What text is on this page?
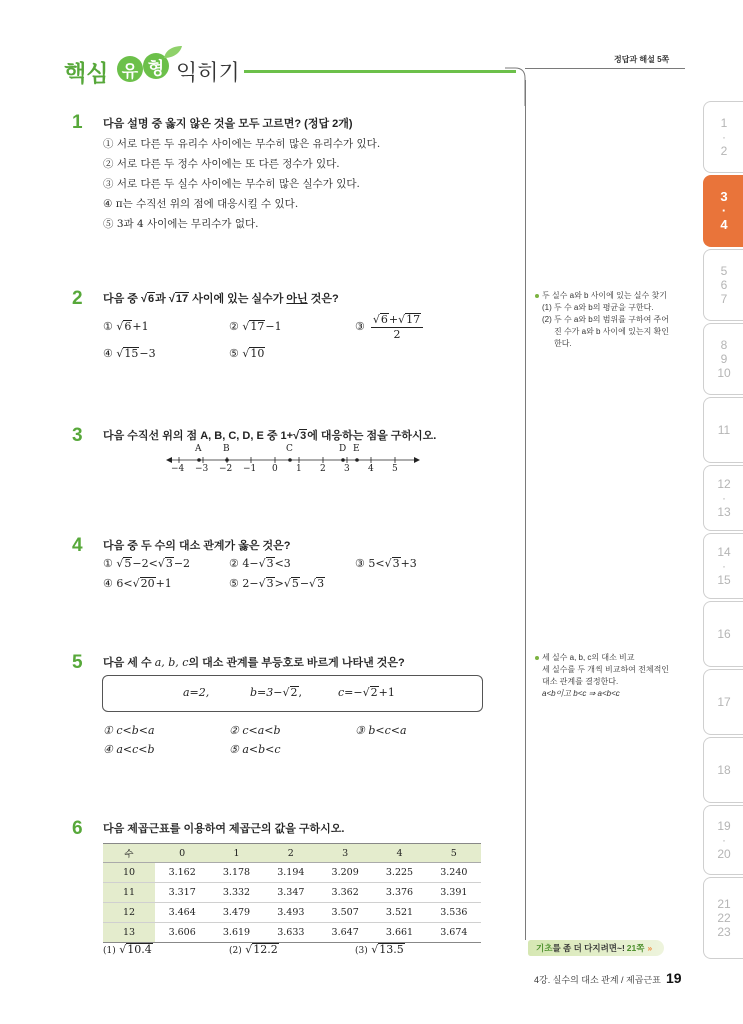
핵심 유 형 익히기
정답과 해설 5쪽
1 다음 설명 중 옳지 않은 것을 모두 고르면? (정답 2개)
① 서로 다른 두 유리수 사이에는 무수히 많은 유리수가 있다.
② 서로 다른 두 정수 사이에는 또 다른 정수가 있다.
③ 서로 다른 두 실수 사이에는 무수히 많은 실수가 있다.
④ π는 수직선 위의 점에 대응시킬 수 있다.
⑤ 3과 4 사이에는 무리수가 없다.
2 다음 중 √6과 √17 사이에 있는 실수가 아닌 것은?
① √6+1	② √17−1	③
√6+√17
2
④ √15−3	⑤ √10
3 다음 수직선 위의 점 A, B, C, D, E 중 1+√3에 대응하는 점을 구하시오.
A B	C	D E
−4 −3 −2 −1 0 1 2 3 4 5
4 다음 중 두 수의 대소 관계가 옳은 것은?
① √5−2<√3−2	② 4−√3<3	③ 5<√3+3
④ 6<√20+1	⑤ 2−√3>√5−√3
5 다음 세 수 a, b, c의 대소 관계를 부등호로 바르게 나타낸 것은?
a=2,	b=3−√2,	c=−√2+1
① c<b<a	② c<a<b	③ b<c<a
④ a<c<b	⑤ a<b<c
6 다음 제곱근표를 이용하여 제곱근의 값을 구하시오.
수	0	1	2	3	4	5
10	3.162	3.178	3.194	3.209	3.225	3.240
11	3.317	3.332	3.347	3.362	3.376	3.391
12	3.464	3.479	3.493	3.507	3.521	3.536
13	3.606	3.619	3.633	3.647	3.661	3.674
(1) √10.4	(2) √12.2	(3) √13.5
두 실수 a와 b 사이에 있는 실수 찾기
(1) 두 수 a와 b의 평균을 구한다.
(2) 두 수 a와 b의 범위를 구하여 주어
진 수가 a와 b 사이에 있는지 확인
한다.
세 실수 a, b, c의 대소 비교
세 실수를 두 개씩 비교하여 전체적인
대소 관계를 결정한다.
a<b이고 b<c ⇒ a<b<c
기초 를 좀 더 다지려면~! 21쪽 »
1
·
2
3
·
4
5
6
7
8
9
10
11
12
·
13
14
·
15
16
17
18
19
·
20
21
22
23
4강. 실수의 대소 관계 / 제곱근표 19
